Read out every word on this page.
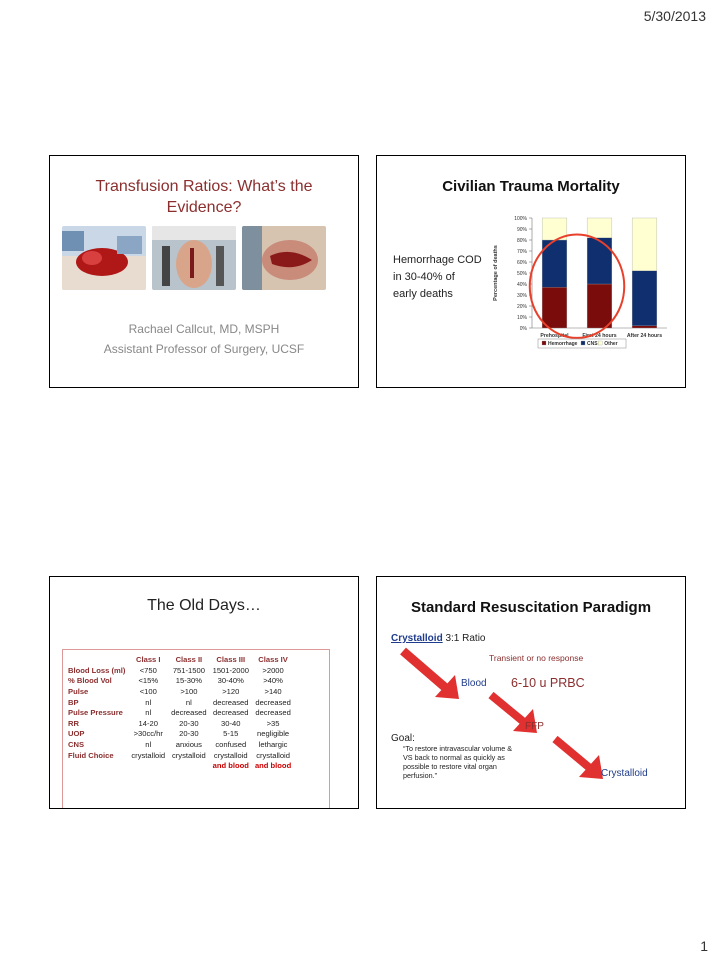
5/30/2013
Transfusion Ratios: What’s the Evidence?
Rachael Callcut, MD, MSPH
Assistant Professor of Surgery, UCSF
Civilian Trauma Mortality
Hemorrhage COD
in 30-40% of
early deaths
0%
10%
20%
30%
40%
50%
60%
70%
80%
90%
100%
Percentage of deaths
Prehospital	First 24 hours After 24 hours
Hemorrhage CNS Other
The Old Days…
	Class I	Class II	Class III	Class IV
Blood Loss (ml)	<750	751-1500	1501-2000	>2000
% Blood Vol	<15%	15-30%	30-40%	>40%
Pulse	<100	>100	>120	>140
BP	nl	nl	decreased	decreased
Pulse Pressure	nl	decreased	decreased	decreased
RR	14-20	20-30	30-40	>35
UOP	>30cc/hr	20-30	5-15	negligible
CNS	nl	anxious	confused	lethargic
Fluid Choice	crystalloid	crystalloid	crystalloid	crystalloid
			and blood	and blood
Standard Resuscitation Paradigm
Crystalloid 3:1 Ratio
Transient or no response
Blood 6-10 u PRBC
FFP
Goal:
“To restore intravascular volume & VS back to normal as quickly as possible to restore vital organ perfusion.”	Crystalloid
1
